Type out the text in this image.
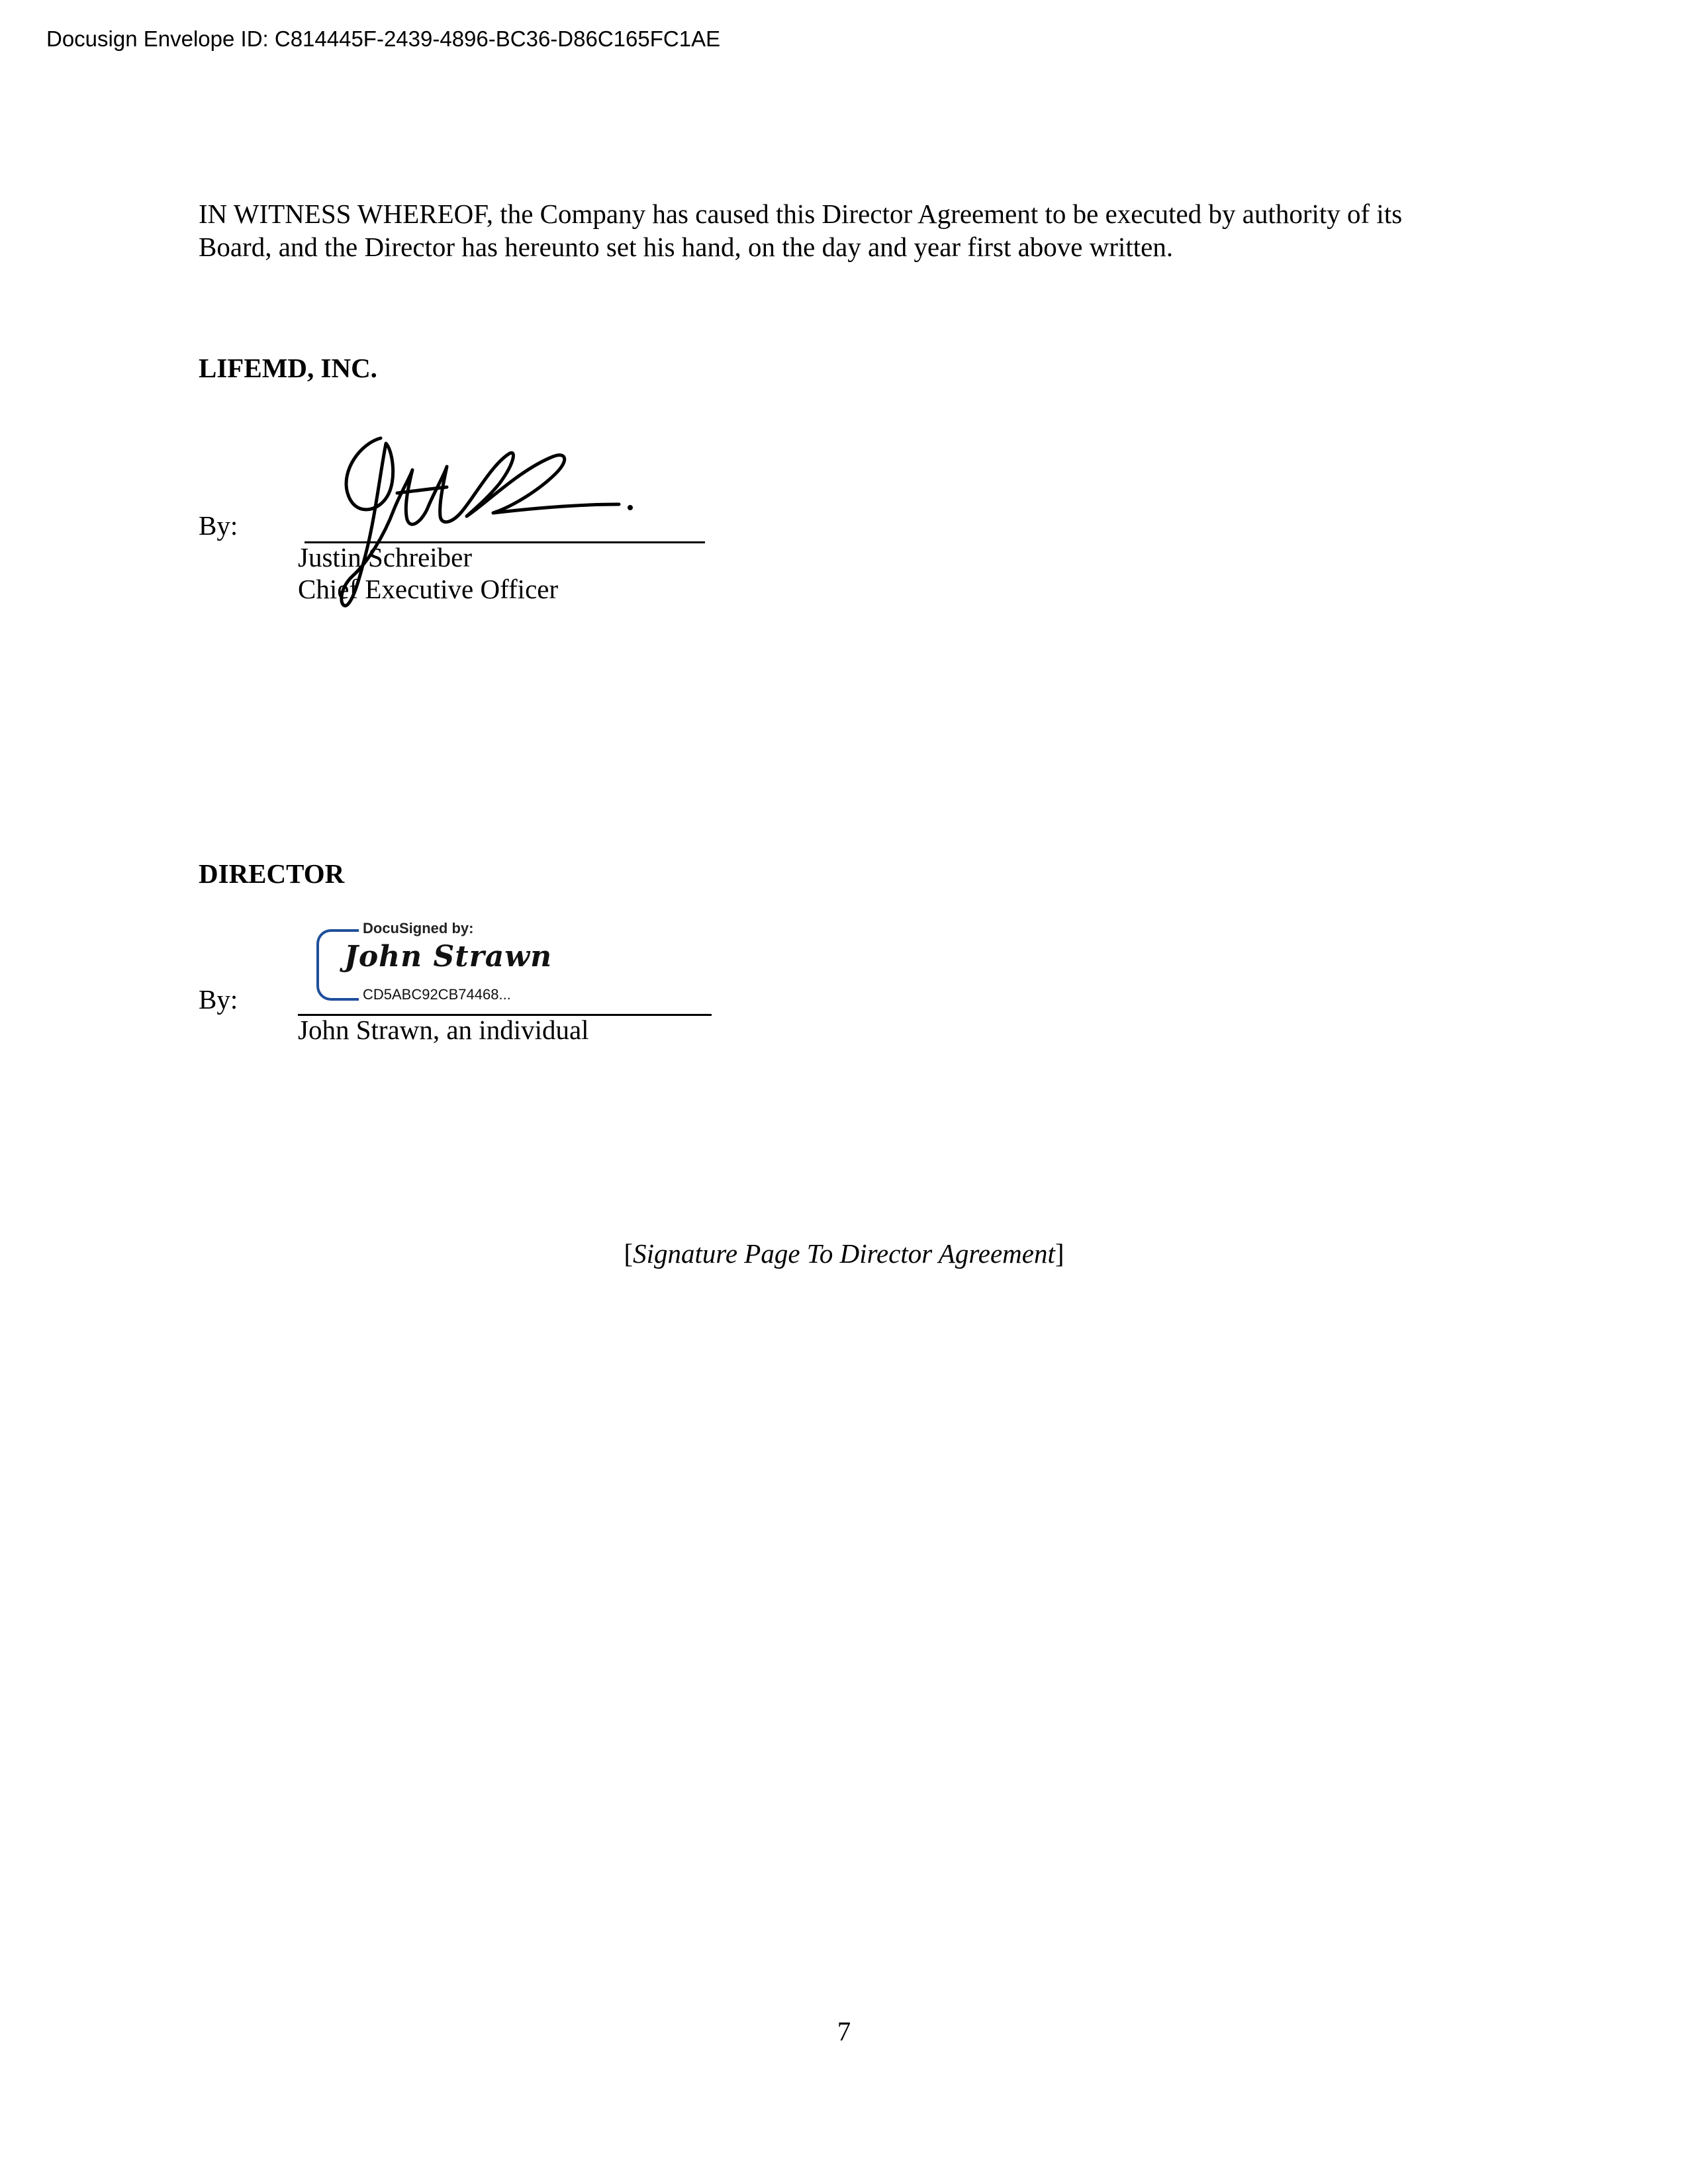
Docusign Envelope ID: C814445F-2439-4896-BC36-D86C165FC1AE
IN WITNESS WHEREOF, the Company has caused this Director Agreement to be executed by authority of its Board, and the Director has hereunto set his hand, on the day and year first above written.
LIFEMD, INC.
By:
Justin Schreiber
Chief Executive Officer
DIRECTOR
DocuSigned by:
John Strawn
CD5ABC92CB74468...
By:
John Strawn, an individual
[Signature Page To Director Agreement]
7
